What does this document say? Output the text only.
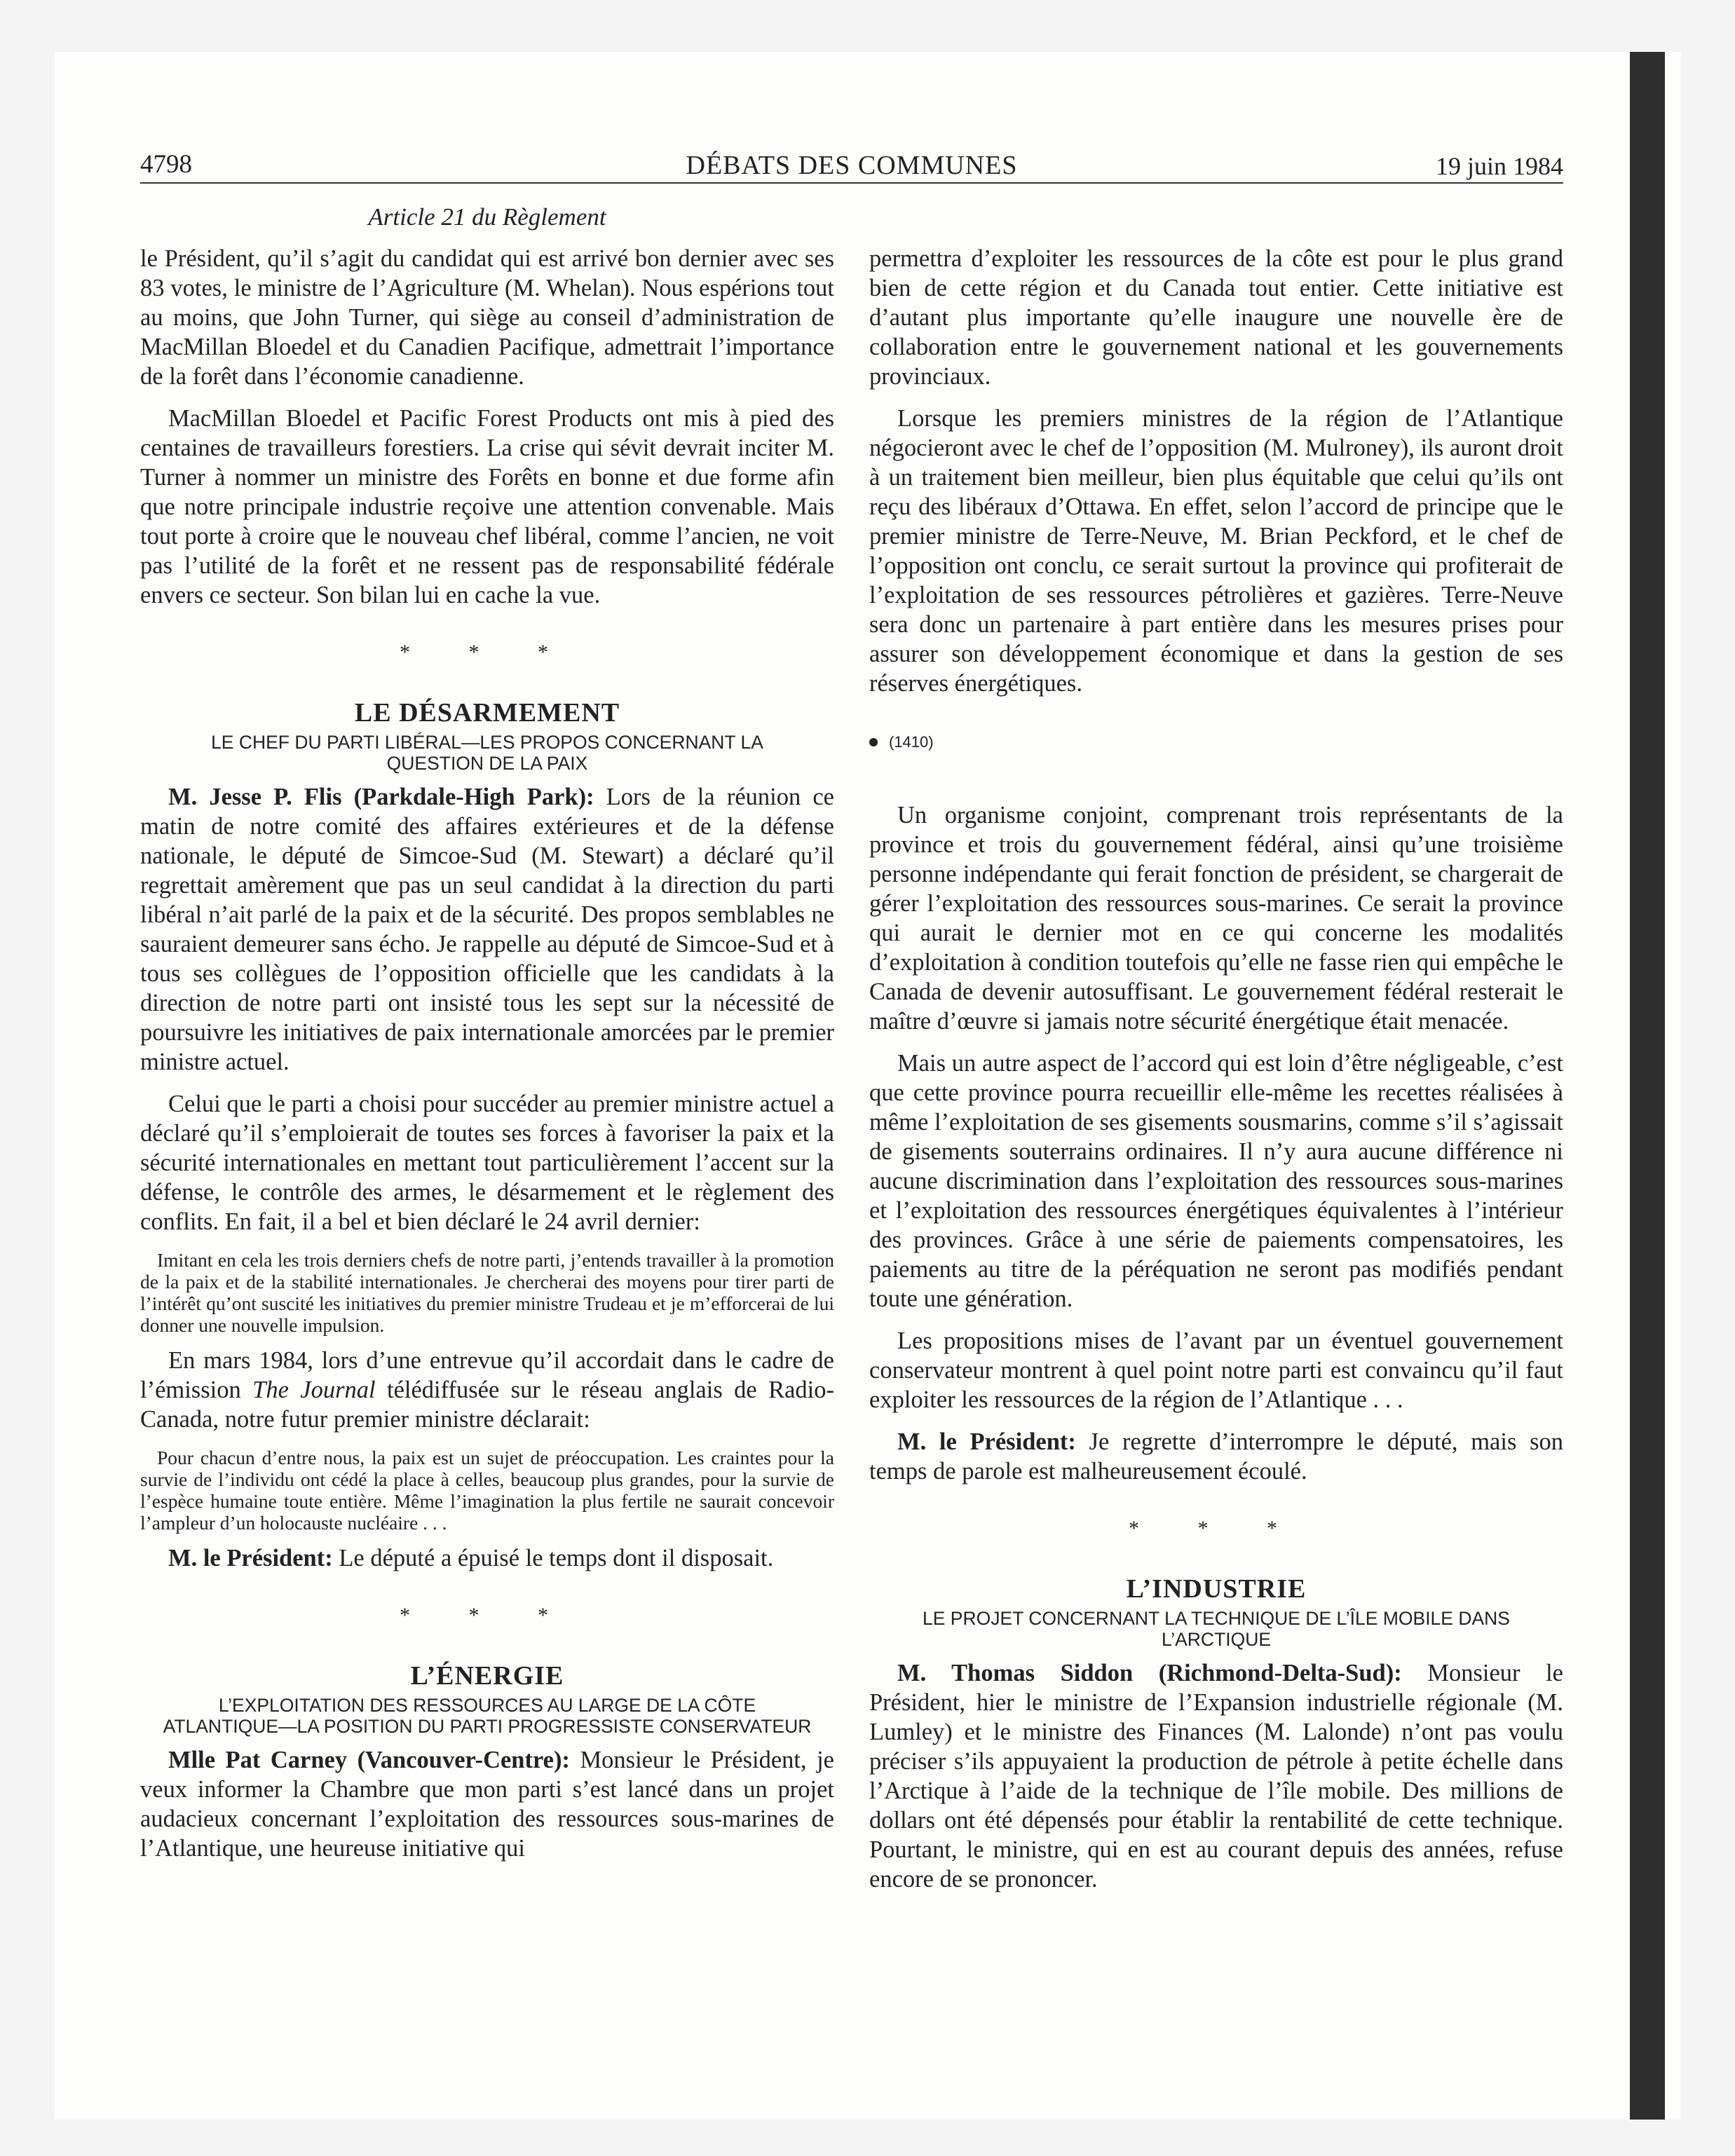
4798	DÉBATS DES COMMUNES	19 juin 1984
Article 21 du Règlement

le Président, qu’il s’agit du candidat qui est arrivé bon dernier avec ses 83 votes, le ministre de l’Agriculture (M. Whelan). Nous espérions tout au moins, que John Turner, qui siège au conseil d’administration de MacMillan Bloedel et du Canadien Pacifique, admettrait l’importance de la forêt dans l’économie canadienne.

MacMillan Bloedel et Pacific Forest Products ont mis à pied des centaines de travailleurs forestiers. La crise qui sévit devrait inciter M. Turner à nommer un ministre des Forêts en bonne et due forme afin que notre principale industrie reçoive une attention convenable. Mais tout porte à croire que le nouveau chef libéral, comme l’ancien, ne voit pas l’utilité de la forêt et ne ressent pas de responsabilité fédérale envers ce secteur. Son bilan lui en cache la vue.

* * *
LE DÉSARMEMENT
LE CHEF DU PARTI LIBÉRAL—LES PROPOS CONCERNANT LA QUESTION DE LA PAIX

M. Jesse P. Flis (Parkdale-High Park): Lors de la réunion ce matin de notre comité des affaires extérieures et de la défense nationale, le député de Simcoe-Sud (M. Stewart) a déclaré qu’il regrettait amèrement que pas un seul candidat à la direction du parti libéral n’ait parlé de la paix et de la sécurité. Des propos semblables ne sauraient demeurer sans écho. Je rappelle au député de Simcoe-Sud et à tous ses collègues de l’opposition officielle que les candidats à la direction de notre parti ont insisté tous les sept sur la nécessité de poursuivre les initiatives de paix internationale amorcées par le premier ministre actuel.

Celui que le parti a choisi pour succéder au premier ministre actuel a déclaré qu’il s’emploierait de toutes ses forces à favoriser la paix et la sécurité internationales en mettant tout particulièrement l’accent sur la défense, le contrôle des armes, le désarmement et le règlement des conflits. En fait, il a bel et bien déclaré le 24 avril dernier:

Imitant en cela les trois derniers chefs de notre parti, j’entends travailler à la promotion de la paix et de la stabilité internationales. Je chercherai des moyens pour tirer parti de l’intérêt qu’ont suscité les initiatives du premier ministre Trudeau et je m’efforcerai de lui donner une nouvelle impulsion.

En mars 1984, lors d’une entrevue qu’il accordait dans le cadre de l’émission The Journal télédiffusée sur le réseau anglais de Radio-Canada, notre futur premier ministre déclarait:

Pour chacun d’entre nous, la paix est un sujet de préoccupation. Les craintes pour la survie de l’individu ont cédé la place à celles, beaucoup plus grandes, pour la survie de l’espèce humaine toute entière. Même l’imagination la plus fertile ne saurait concevoir l’ampleur d’un holocauste nucléaire . . .

M. le Président: Le député a épuisé le temps dont il disposait.

* * *
L’ÉNERGIE
L’EXPLOITATION DES RESSOURCES AU LARGE DE LA CÔTE ATLANTIQUE—LA POSITION DU PARTI PROGRESSISTE CONSERVATEUR

Mlle Pat Carney (Vancouver-Centre): Monsieur le Président, je veux informer la Chambre que mon parti s’est lancé dans un projet audacieux concernant l’exploitation des ressources sous-marines de l’Atlantique, une heureuse initiative qui

permettra d’exploiter les ressources de la côte est pour le plus grand bien de cette région et du Canada tout entier. Cette initiative est d’autant plus importante qu’elle inaugure une nouvelle ère de collaboration entre le gouvernement national et les gouvernements provinciaux.

Lorsque les premiers ministres de la région de l’Atlantique négocieront avec le chef de l’opposition (M. Mulroney), ils auront droit à un traitement bien meilleur, bien plus équitable que celui qu’ils ont reçu des libéraux d’Ottawa. En effet, selon l’accord de principe que le premier ministre de Terre-Neuve, M. Brian Peckford, et le chef de l’opposition ont conclu, ce serait surtout la province qui profiterait de l’exploitation de ses ressources pétrolières et gazières. Terre-Neuve sera donc un partenaire à part entière dans les mesures prises pour assurer son développement économique et dans la gestion de ses réserves énergétiques.

(1410)

Un organisme conjoint, comprenant trois représentants de la province et trois du gouvernement fédéral, ainsi qu’une troisième personne indépendante qui ferait fonction de président, se chargerait de gérer l’exploitation des ressources sous-marines. Ce serait la province qui aurait le dernier mot en ce qui concerne les modalités d’exploitation à condition toutefois qu’elle ne fasse rien qui empêche le Canada de devenir autosuffisant. Le gouvernement fédéral resterait le maître d’œuvre si jamais notre sécurité énergétique était menacée.

Mais un autre aspect de l’accord qui est loin d’être négligeable, c’est que cette province pourra recueillir elle-même les recettes réalisées à même l’exploitation de ses gisements sousmarins, comme s’il s’agissait de gisements souterrains ordinaires. Il n’y aura aucune différence ni aucune discrimination dans l’exploitation des ressources sous-marines et l’exploitation des ressources énergétiques équivalentes à l’intérieur des provinces. Grâce à une série de paiements compensatoires, les paiements au titre de la péréquation ne seront pas modifiés pendant toute une génération.

Les propositions mises de l’avant par un éventuel gouvernement conservateur montrent à quel point notre parti est convaincu qu’il faut exploiter les ressources de la région de l’Atlantique . . .

M. le Président: Je regrette d’interrompre le député, mais son temps de parole est malheureusement écoulé.

* * *
L’INDUSTRIE
LE PROJET CONCERNANT LA TECHNIQUE DE L’ÎLE MOBILE DANS L’ARCTIQUE

M. Thomas Siddon (Richmond-Delta-Sud): Monsieur le Président, hier le ministre de l’Expansion industrielle régionale (M. Lumley) et le ministre des Finances (M. Lalonde) n’ont pas voulu préciser s’ils appuyaient la production de pétrole à petite échelle dans l’Arctique à l’aide de la technique de l’île mobile. Des millions de dollars ont été dépensés pour établir la rentabilité de cette technique. Pourtant, le ministre, qui en est au courant depuis des années, refuse encore de se prononcer.
